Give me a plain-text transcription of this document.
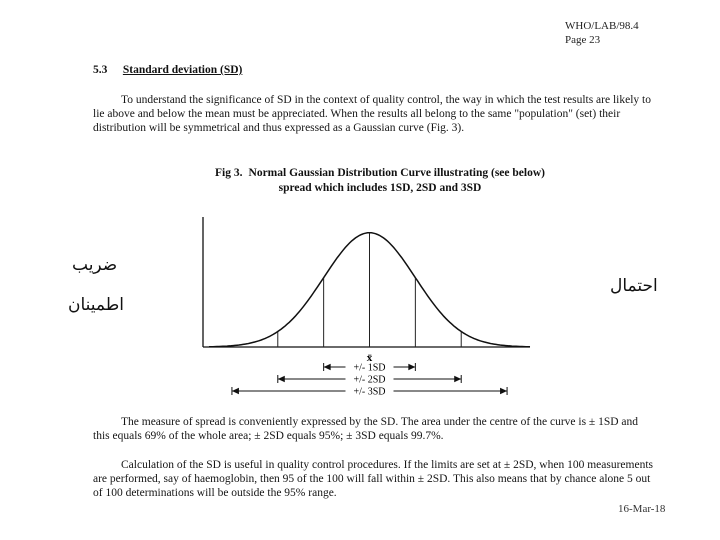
WHO/LAB/98.4
Page 23
5.3 Standard deviation (SD)
To understand the significance of SD in the context of quality control, the way in which the test results are likely to lie above and below the mean must be appreciated. When the results all belong to the same "population" (set) their distribution will be symmetrical and thus expressed as a Gaussian curve (Fig. 3).
Fig 3. Normal Gaussian Distribution Curve illustrating (see below)
spread which includes 1SD, 2SD and 3SD
ضریب
اطمینان
احتمال
x̄
+/- 1SD
+/- 2SD
+/- 3SD
The measure of spread is conveniently expressed by the SD. The area under the centre of the curve is ± 1SD and this equals 69% of the whole area; ± 2SD equals 95%; ± 3SD equals 99.7%.
Calculation of the SD is useful in quality control procedures. If the limits are set at ± 2SD, when 100 measurements are performed, say of haemoglobin, then 95 of the 100 will fall within ± 2SD. This also means that by chance alone 5 out of 100 determinations will be outside the 95% range.
16-Mar-18
